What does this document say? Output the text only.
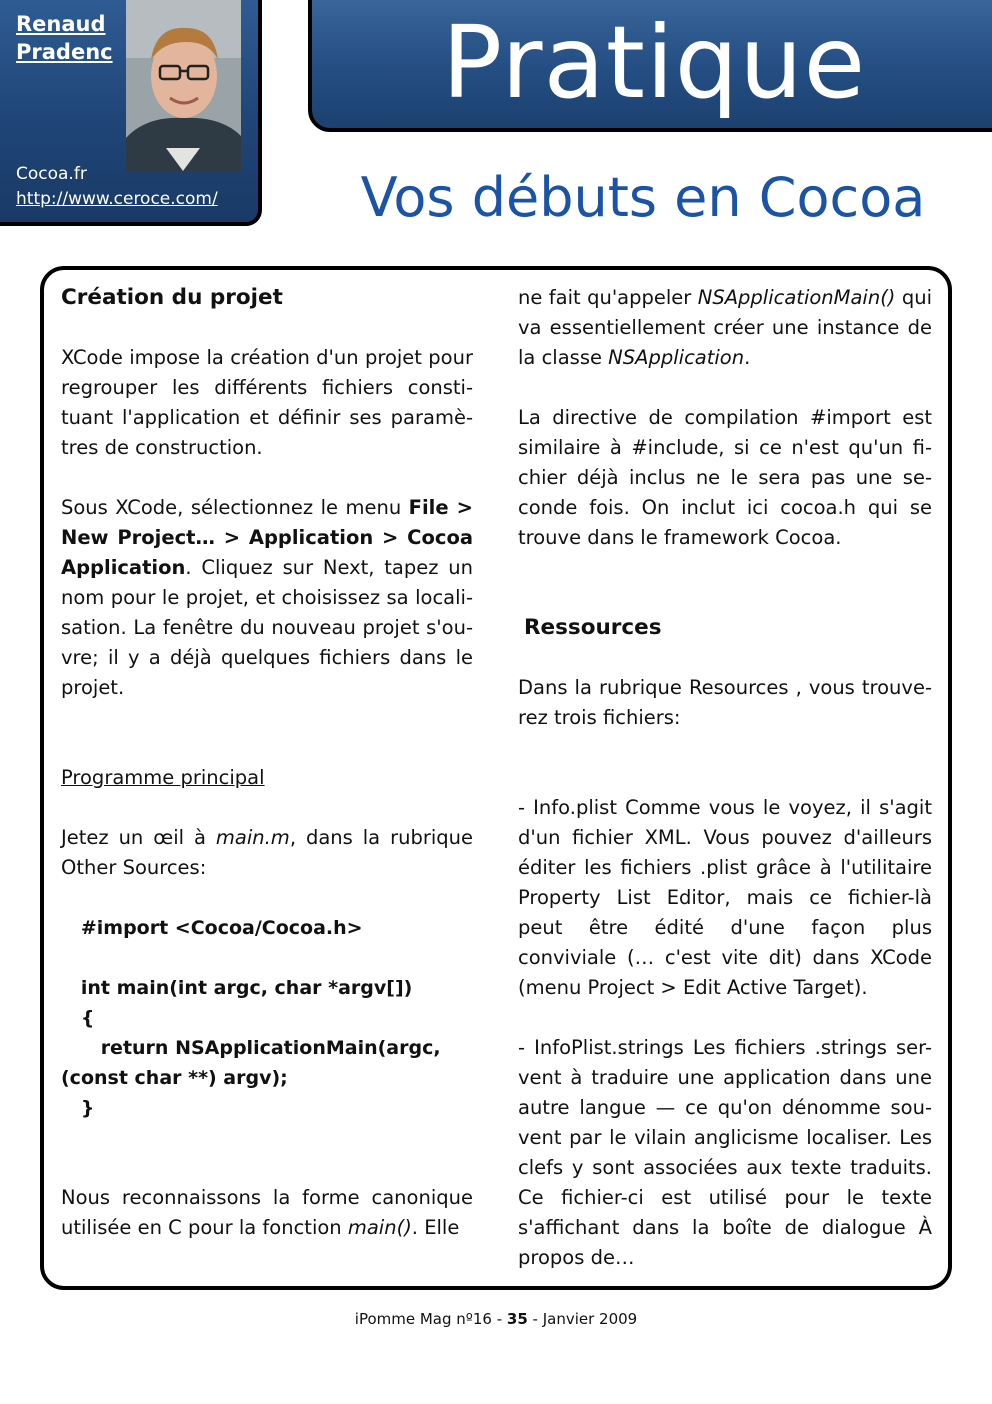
Renaud
Pradenc
Cocoa.fr
http://www.ceroce.com/
Pratique
Vos débuts en Cocoa

Création du projet

XCode impose la création d'un projet pour regrouper les différents fichiers consti-tuant l'application et définir ses paramè-tres de construction.

Sous XCode, sélectionnez le menu File > New Project… > Application > Cocoa Application. Cliquez sur Next, tapez un nom pour le projet, et choisissez sa locali-sation. La fenêtre du nouveau projet s'ou-vre; il y a déjà quelques fichiers dans le projet.

Programme principal

Jetez un œil à main.m, dans la rubrique Other Sources:

#import <Cocoa/Cocoa.h>
int main(int argc, char *argv[])
{
return NSApplicationMain(argc,
(const char **) argv);
}

Nous reconnaissons la forme canonique utilisée en C pour la fonction main(). Elle

ne fait qu'appeler NSApplicationMain() qui va essentiellement créer une instance de la classe NSApplication.

La directive de compilation #import est similaire à #include, si ce n'est qu'un fi-chier déjà inclus ne le sera pas une se-conde fois. On inclut ici cocoa.h qui se trouve dans le framework Cocoa.

Ressources

Dans la rubrique Resources , vous trouve-rez trois fichiers:

- Info.plist Comme vous le voyez, il s'agit d'un fichier XML. Vous pouvez d'ailleurs éditer les fichiers .plist grâce à l'utilitaire Property List Editor, mais ce fichier-là peut être édité d'une façon plus conviviale (… c'est vite dit) dans XCode (menu Project > Edit Active Target).

- InfoPlist.strings Les fichiers .strings ser-vent à traduire une application dans une autre langue — ce qu'on dénomme sou-vent par le vilain anglicisme localiser. Les clefs y sont associées aux texte traduits. Ce fichier-ci est utilisé pour le texte s'affichant dans la boîte de dialogue À propos de…

iPomme Mag nº16 - 35 - Janvier 2009
